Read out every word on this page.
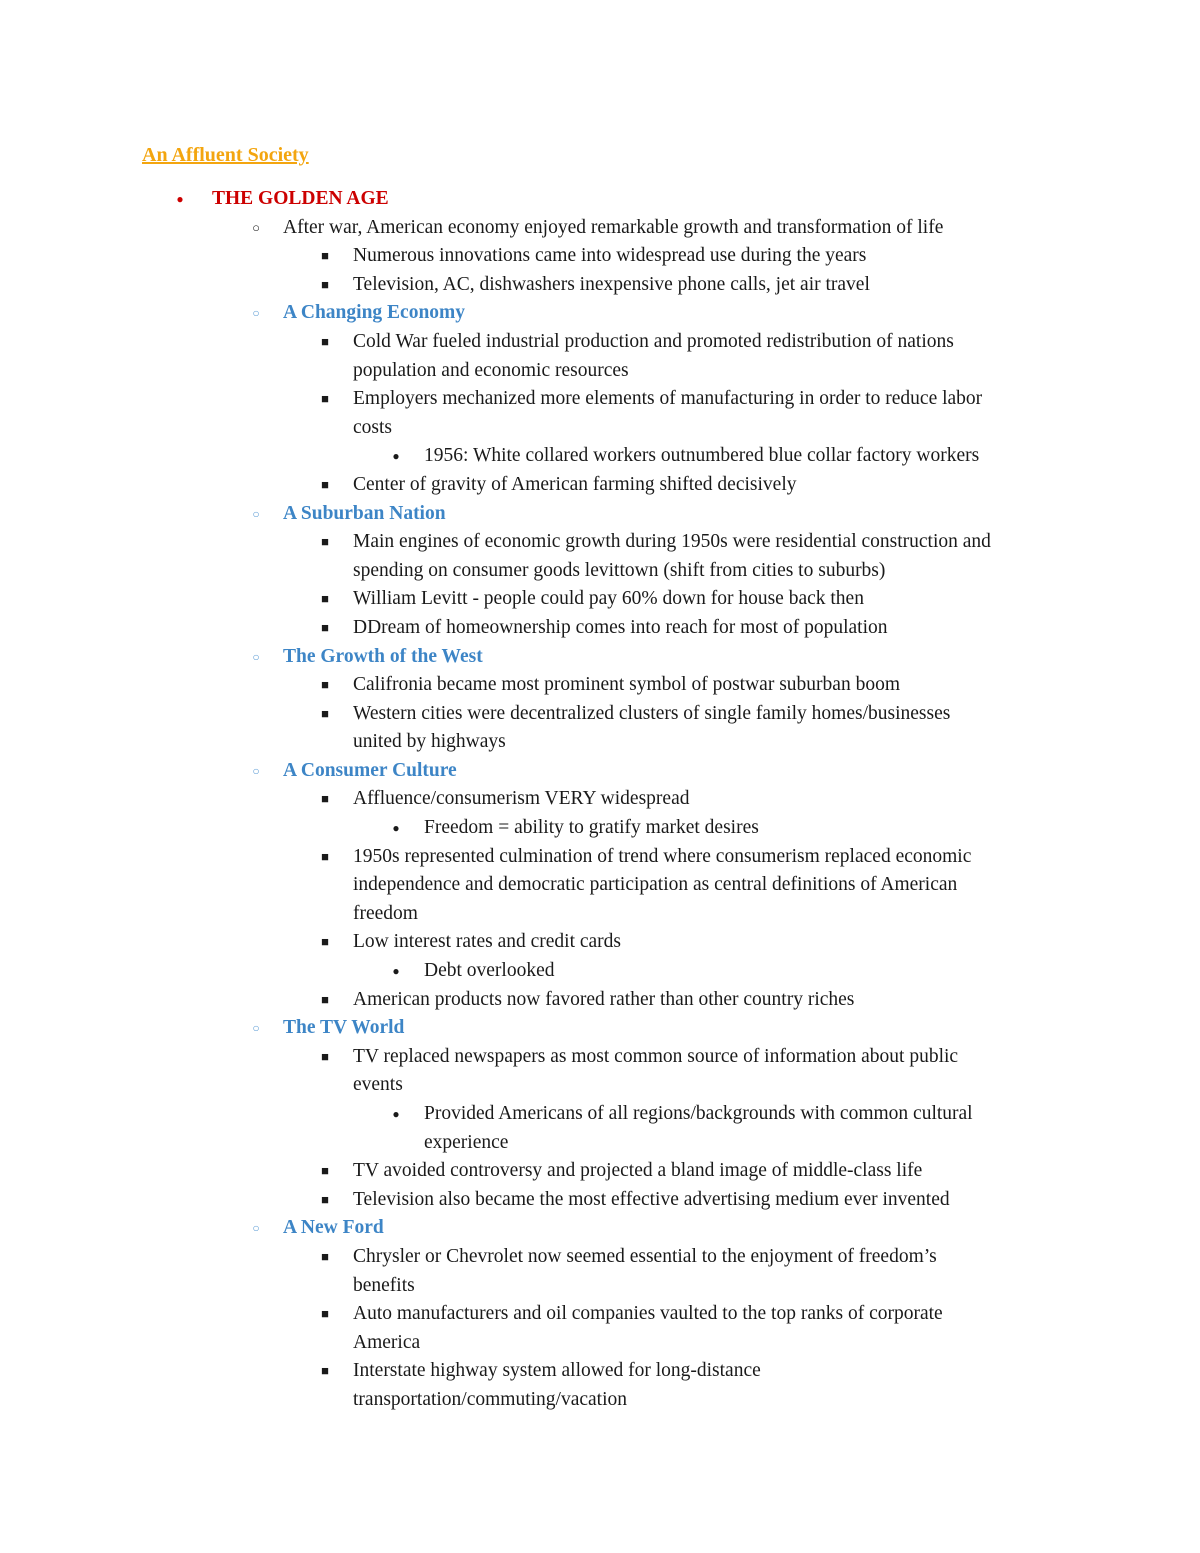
An Affluent Society
●	THE GOLDEN AGE
○	After war, American economy enjoyed remarkable growth and transformation of life
■	Numerous innovations came into widespread use during the years
■	Television, AC, dishwashers inexpensive phone calls, jet air travel
○	A Changing Economy
■	Cold War fueled industrial production and promoted redistribution of nations
population and economic resources
■	Employers mechanized more elements of manufacturing in order to reduce labor
costs
●	1956: White collared workers outnumbered blue collar factory workers
■	Center of gravity of American farming shifted decisively
○	A Suburban Nation
■	Main engines of economic growth during 1950s were residential construction and
spending on consumer goods levittown (shift from cities to suburbs)
■	William Levitt - people could pay 60% down for house back then
■	DDream of homeownership comes into reach for most of population
○	The Growth of the West
■	Califronia became most prominent symbol of postwar suburban boom
■	Western cities were decentralized clusters of single family homes/businesses
united by highways
○	A Consumer Culture
■	Affluence/consumerism VERY widespread
●	Freedom = ability to gratify market desires
■	1950s represented culmination of trend where consumerism replaced economic
independence and democratic participation as central definitions of American
freedom
■	Low interest rates and credit cards
●	Debt overlooked
■	American products now favored rather than other country riches
○	The TV World
■	TV replaced newspapers as most common source of information about public
events
●	Provided Americans of all regions/backgrounds with common cultural
experience
■	TV avoided controversy and projected a bland image of middle-class life
■	Television also became the most effective advertising medium ever invented
○	A New Ford
■	Chrysler or Chevrolet now seemed essential to the enjoyment of freedom’s
benefits
■	Auto manufacturers and oil companies vaulted to the top ranks of corporate
America
■	Interstate highway system allowed for long-distance
transportation/commuting/vacation
